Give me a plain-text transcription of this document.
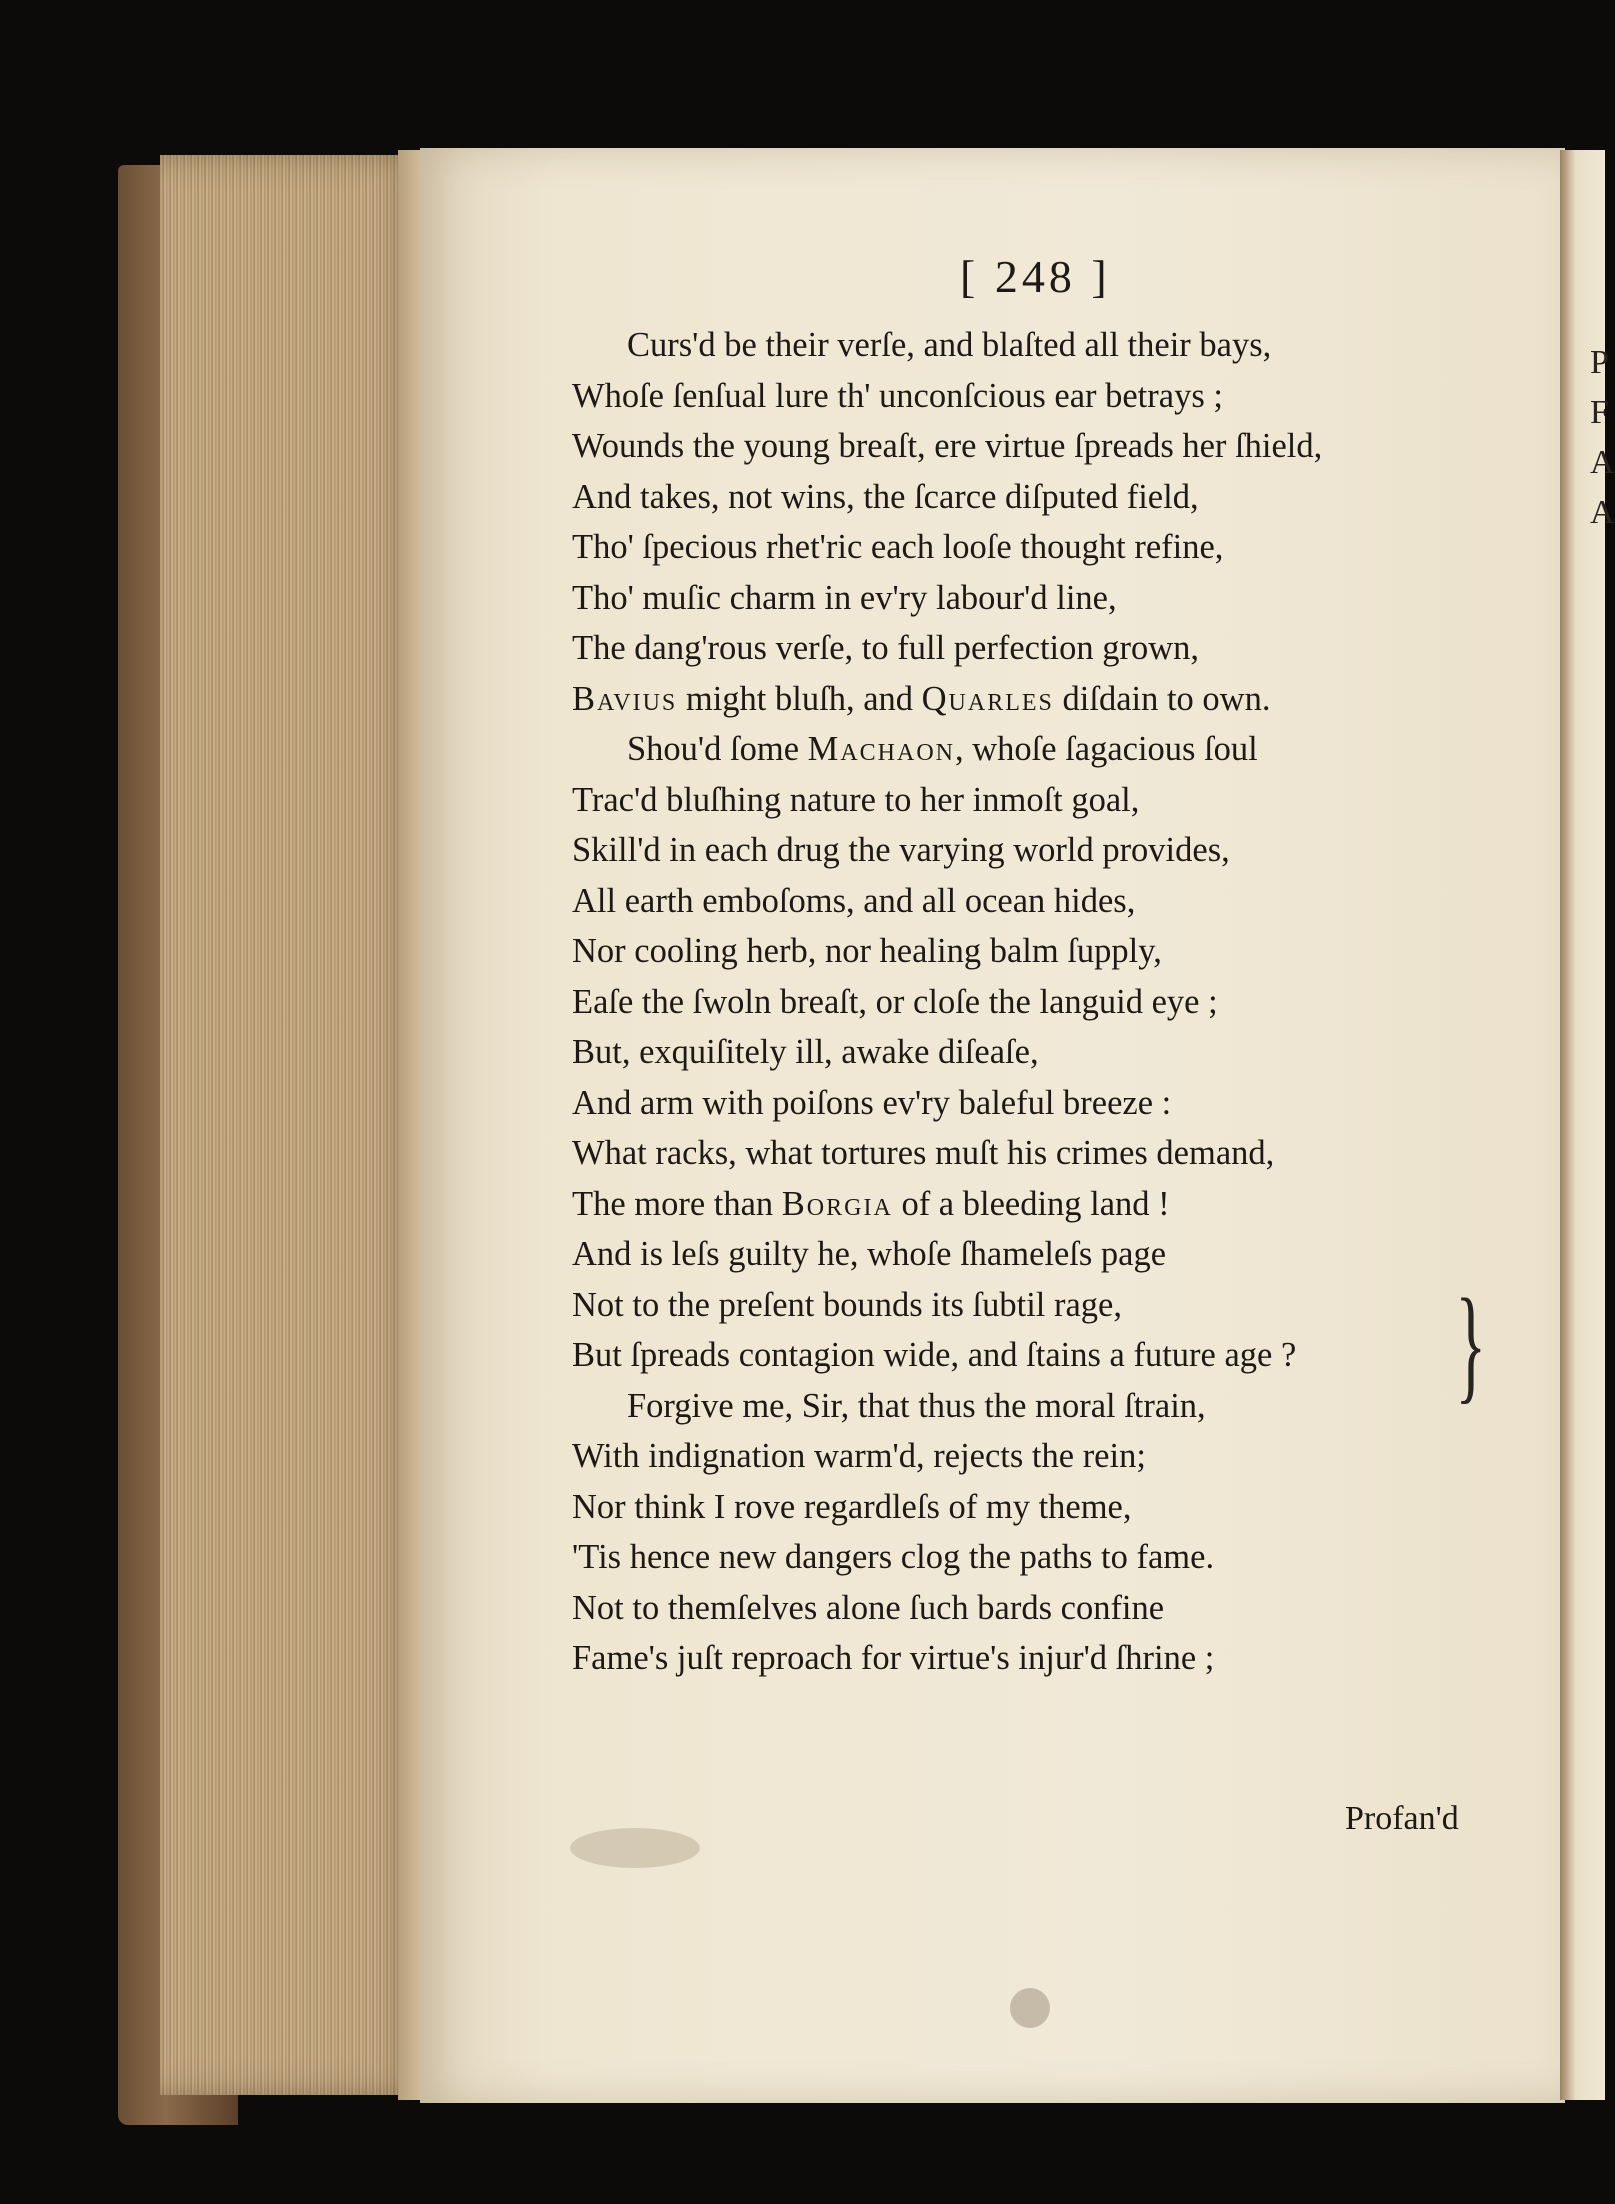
P
F
A
A
[ 248 ]
Curs'd be their verſe, and blaſted all their bays,
Whoſe ſenſual lure th' unconſcious ear betrays ;
Wounds the young breaſt, ere virtue ſpreads her ſhield,
And takes, not wins, the ſcarce diſputed field,
Tho' ſpecious rhet'ric each looſe thought refine,
Tho' muſic charm in ev'ry labour'd line,
The dang'rous verſe, to full perfection grown,
Bavius might bluſh, and Quarles diſdain to own.
Shou'd ſome Machaon, whoſe ſagacious ſoul
Trac'd bluſhing nature to her inmoſt goal,
Skill'd in each drug the varying world provides,
All earth emboſoms, and all ocean hides,
Nor cooling herb, nor healing balm ſupply,
Eaſe the ſwoln breaſt, or cloſe the languid eye ;
But, exquiſitely ill, awake diſeaſe,
And arm with poiſons ev'ry baleful breeze :
What racks, what tortures muſt his crimes demand,
The more than Borgia of a bleeding land !
And is leſs guilty he, whoſe ſhameleſs page
Not to the preſent bounds its ſubtil rage,
But ſpreads contagion wide, and ſtains a future age ?
Forgive me, Sir, that thus the moral ſtrain,
With indignation warm'd, rejects the rein;
Nor think I rove regardleſs of my theme,
'Tis hence new dangers clog the paths to fame.
Not to themſelves alone ſuch bards confine
Fame's juſt reproach for virtue's injur'd ſhrine ;
}
Profan'd
